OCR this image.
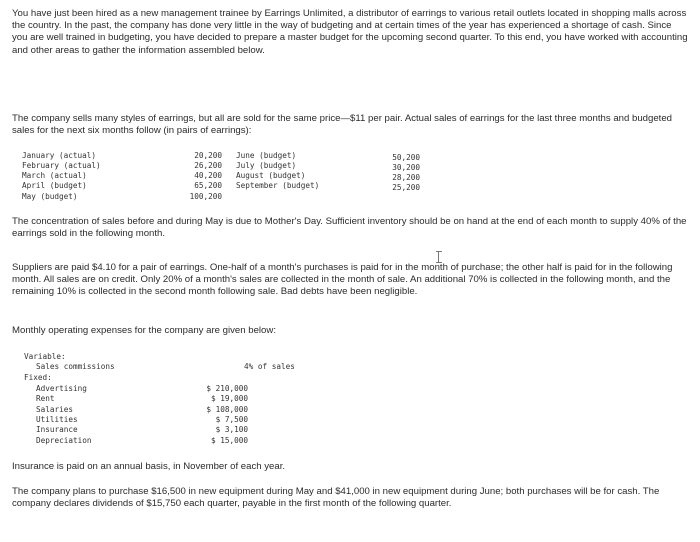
You have just been hired as a new management trainee by Earrings Unlimited, a distributor of earrings to various retail outlets located in shopping malls across the country. In the past, the company has done very little in the way of budgeting and at certain times of the year has experienced a shortage of cash. Since you are well trained in budgeting, you have decided to prepare a master budget for the upcoming second quarter. To this end, you have worked with accounting and other areas to gather the information assembled below.

The company sells many styles of earrings, but all are sold for the same price—$11 per pair. Actual sales of earrings for the last three months and budgeted sales for the next six months follow (in pairs of earrings):

January (actual)
February (actual)
March (actual)
April (budget)
May (budget)
20,200
26,200
40,200
65,200
100,200
June (budget)
July (budget)
August (budget)
September (budget)
50,200
30,200
28,200
25,200

The concentration of sales before and during May is due to Mother's Day. Sufficient inventory should be on hand at the end of each month to supply 40% of the earrings sold in the following month.

Suppliers are paid $4.10 for a pair of earrings. One-half of a month's purchases is paid for in the month of purchase; the other half is paid for in the following month. All sales are on credit. Only 20% of a month's sales are collected in the month of sale. An additional 70% is collected in the following month, and the remaining 10% is collected in the second month following sale. Bad debts have been negligible.

Monthly operating expenses for the company are given below:

Variable:
Sales commissions	4% of sales
Fixed:
Advertising
Rent
Salaries
Utilities
Insurance
Depreciation
$ 210,000
$ 19,000
$ 108,000
$ 7,500
$ 3,100
$ 15,000

Insurance is paid on an annual basis, in November of each year.

The company plans to purchase $16,500 in new equipment during May and $41,000 in new equipment during June; both purchases will be for cash. The company declares dividends of $15,750 each quarter, payable in the first month of the following quarter.
